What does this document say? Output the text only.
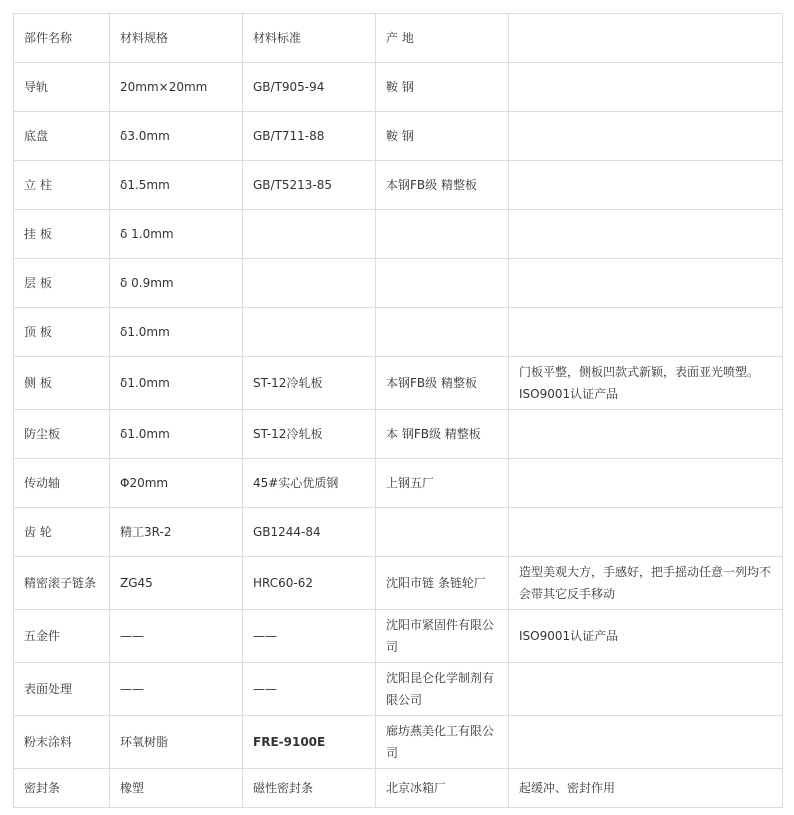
部件名称	材料规格	材料标准	产 地	
导轨	20mm×20mm	GB/T905-94	鞍 钢	
底盘	δ3.0mm	GB/T711-88	鞍 钢	
立 柱	δ1.5mm	GB/T5213-85	本钢FB级 精整板	
挂 板	δ 1.0mm			
层 板	δ 0.9mm			
顶 板	δ1.0mm			
侧 板	δ1.0mm	ST-12冷轧板	本钢FB级 精整板	门板平整，侧板凹款式新颖，表面亚光喷塑。ISO9001认证产品
防尘板	δ1.0mm	ST-12冷轧板	本 钢FB级 精整板	
传动轴	Φ20mm	45#实心优质钢	上钢五厂	
齿 轮	精工3R-2	GB1244-84		
精密滚子链条	ZG45	HRC60-62	沈阳市链 条链轮厂	造型美观大方，手感好，把手摇动任意一列均不会带其它反手移动
五金件	——	——	沈阳市紧固件有限公司	ISO9001认证产品
表面处理	——	——	沈阳昆仑化学制剂有限公司	
粉末涂料	环氧树脂	FRE-9100E	廊坊燕美化工有限公司	
密封条	橡塑	磁性密封条	北京冰箱厂	起缓冲、密封作用
